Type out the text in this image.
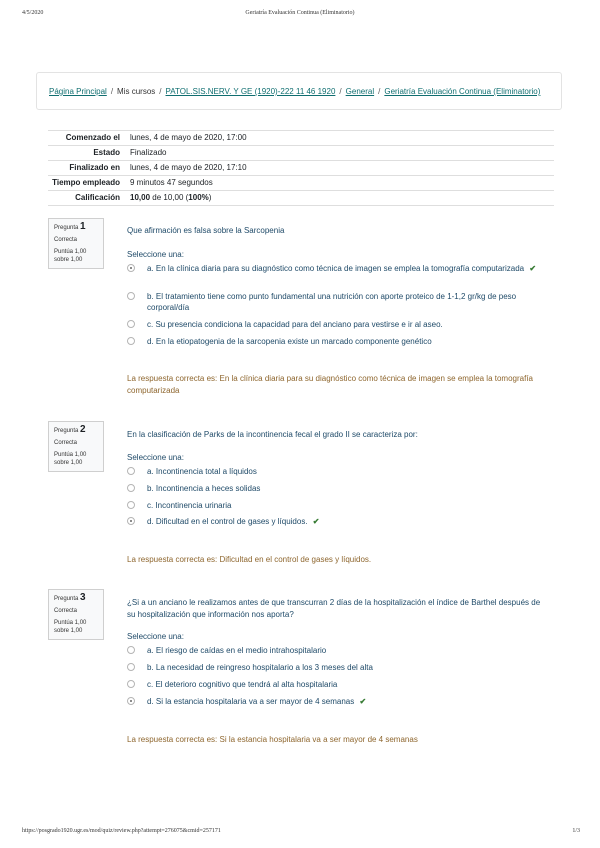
4/5/2020	Geriatría Evaluación Continua (Eliminatorio)
Página Principal / Mis cursos / PATOL.SIS.NERV. Y GE (1920)-222 11 46 1920 / General / Geriatría Evaluación Continua (Eliminatorio)
Comenzado el	lunes, 4 de mayo de 2020, 17:00
Estado	Finalizado
Finalizado en	lunes, 4 de mayo de 2020, 17:10
Tiempo empleado	9 minutos 47 segundos
Calificación	10,00 de 10,00 (100%)
Pregunta 1
Correcta
Puntúa 1,00 sobre 1,00
Que afirmación es falsa sobre la Sarcopenia
Seleccione una:
a. En la clínica diaria para su diagnóstico como técnica de imagen se emplea la tomografía computarizada ✔
b. El tratamiento tiene como punto fundamental una nutrición con aporte proteico de 1-1,2 gr/kg de peso corporal/día
c. Su presencia condiciona la capacidad para del anciano para vestirse e ir al aseo.
d. En la etiopatogenia de la sarcopenia existe un marcado componente genético
La respuesta correcta es: En la clínica diaria para su diagnóstico como técnica de imagen se emplea la tomografía computarizada
Pregunta 2
Correcta
Puntúa 1,00 sobre 1,00
En la clasificación de Parks de la incontinencia fecal el grado II se caracteriza por:
Seleccione una:
a. Incontinencia total a líquidos
b. Incontinencia a heces solidas
c. Incontinencia urinaria
d. Dificultad en el control de gases y líquidos. ✔
La respuesta correcta es: Dificultad en el control de gases y líquidos.
Pregunta 3
Correcta
Puntúa 1,00 sobre 1,00
¿Si a un anciano le realizamos antes de que transcurran 2 días de la hospitalización el índice de Barthel después de su hospitalización que información nos aporta?
Seleccione una:
a. El riesgo de caídas en el medio intrahospitalario
b. La necesidad de reingreso hospitalario a los 3 meses del alta
c. El deterioro cognitivo que tendrá al alta hospitalaria
d. Si la estancia hospitalaria va a ser mayor de 4 semanas ✔
La respuesta correcta es: Si la estancia hospitalaria va a ser mayor de 4 semanas
https://posgrado1920.ugr.es/mod/quiz/review.php?attempt=276075&cmid=257171	1/3
